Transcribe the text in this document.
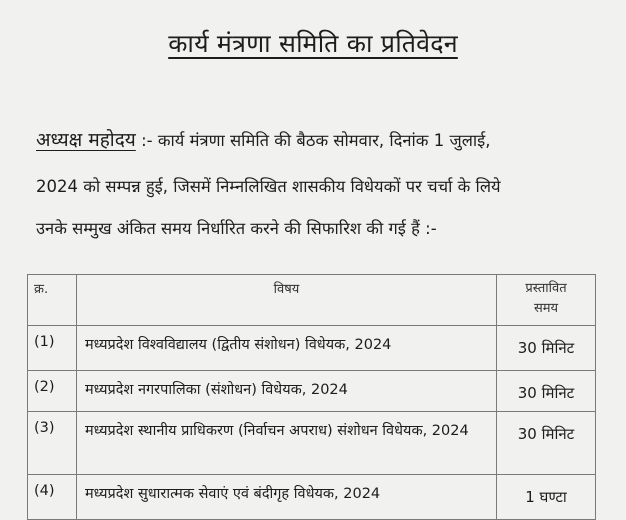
कार्य मंत्रणा समिति का प्रतिवेदन
अध्यक्ष महोदय :- कार्य मंत्रणा समिति की बैठक सोमवार, दिनांक 1 जुलाई,
2024 को सम्पन्न हुई, जिसमें निम्नलिखित शासकीय विधेयकों पर चर्चा के लिये
उनके सम्मुख अंकित समय निर्धारित करने की सिफारिश की गई हैं :-
क्र.	विषय	प्रस्तावित
समय

(1)	मध्यप्रदेश विश्वविद्यालय (द्वितीय संशोधन) विधेयक, 2024	30 मिनिट
(2)	मध्यप्रदेश नगरपालिका (संशोधन) विधेयक, 2024	30 मिनिट
(3)	मध्यप्रदेश स्थानीय प्राधिकरण (निर्वाचन अपराध) संशोधन विधेयक, 2024	30 मिनिट
(4)	मध्यप्रदेश सुधारात्मक सेवाएं एवं बंदीगृह विधेयक, 2024	1 घण्टा
